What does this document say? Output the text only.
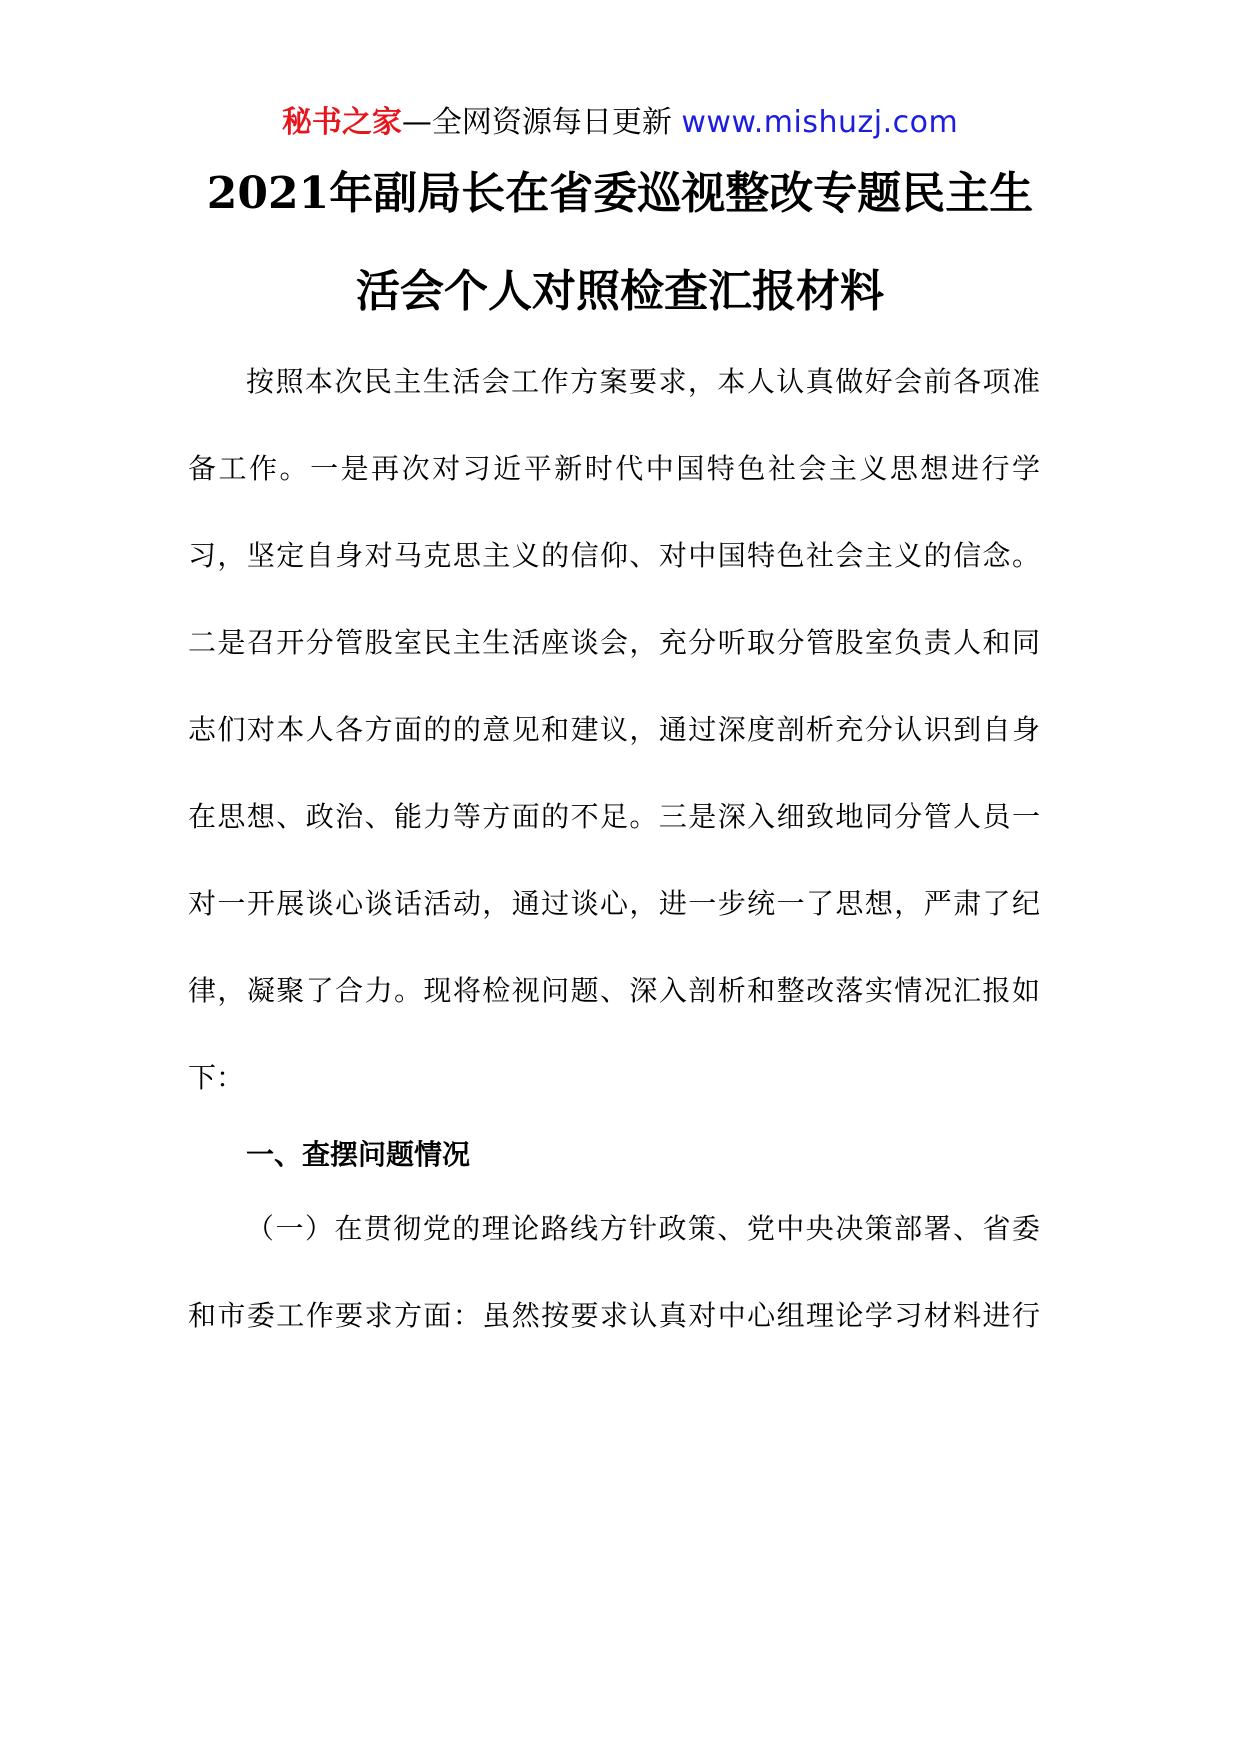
秘书之家—全网资源每日更新 www.mishuzj.com
2021年副局长在省委巡视整改专题民主生
活会个人对照检查汇报材料
按照本次民主生活会工作方案要求，本人认真做好会前各项准
备工作。一是再次对习近平新时代中国特色社会主义思想进行学
习，坚定自身对马克思主义的信仰、对中国特色社会主义的信念。
二是召开分管股室民主生活座谈会，充分听取分管股室负责人和同
志们对本人各方面的的意见和建议，通过深度剖析充分认识到自身
在思想、政治、能力等方面的不足。三是深入细致地同分管人员一
对一开展谈心谈话活动，通过谈心，进一步统一了思想，严肃了纪
律，凝聚了合力。现将检视问题、深入剖析和整改落实情况汇报如
下：
一、查摆问题情况
（一）在贯彻党的理论路线方针政策、党中央决策部署、省委
和市委工作要求方面：虽然按要求认真对中心组理论学习材料进行
